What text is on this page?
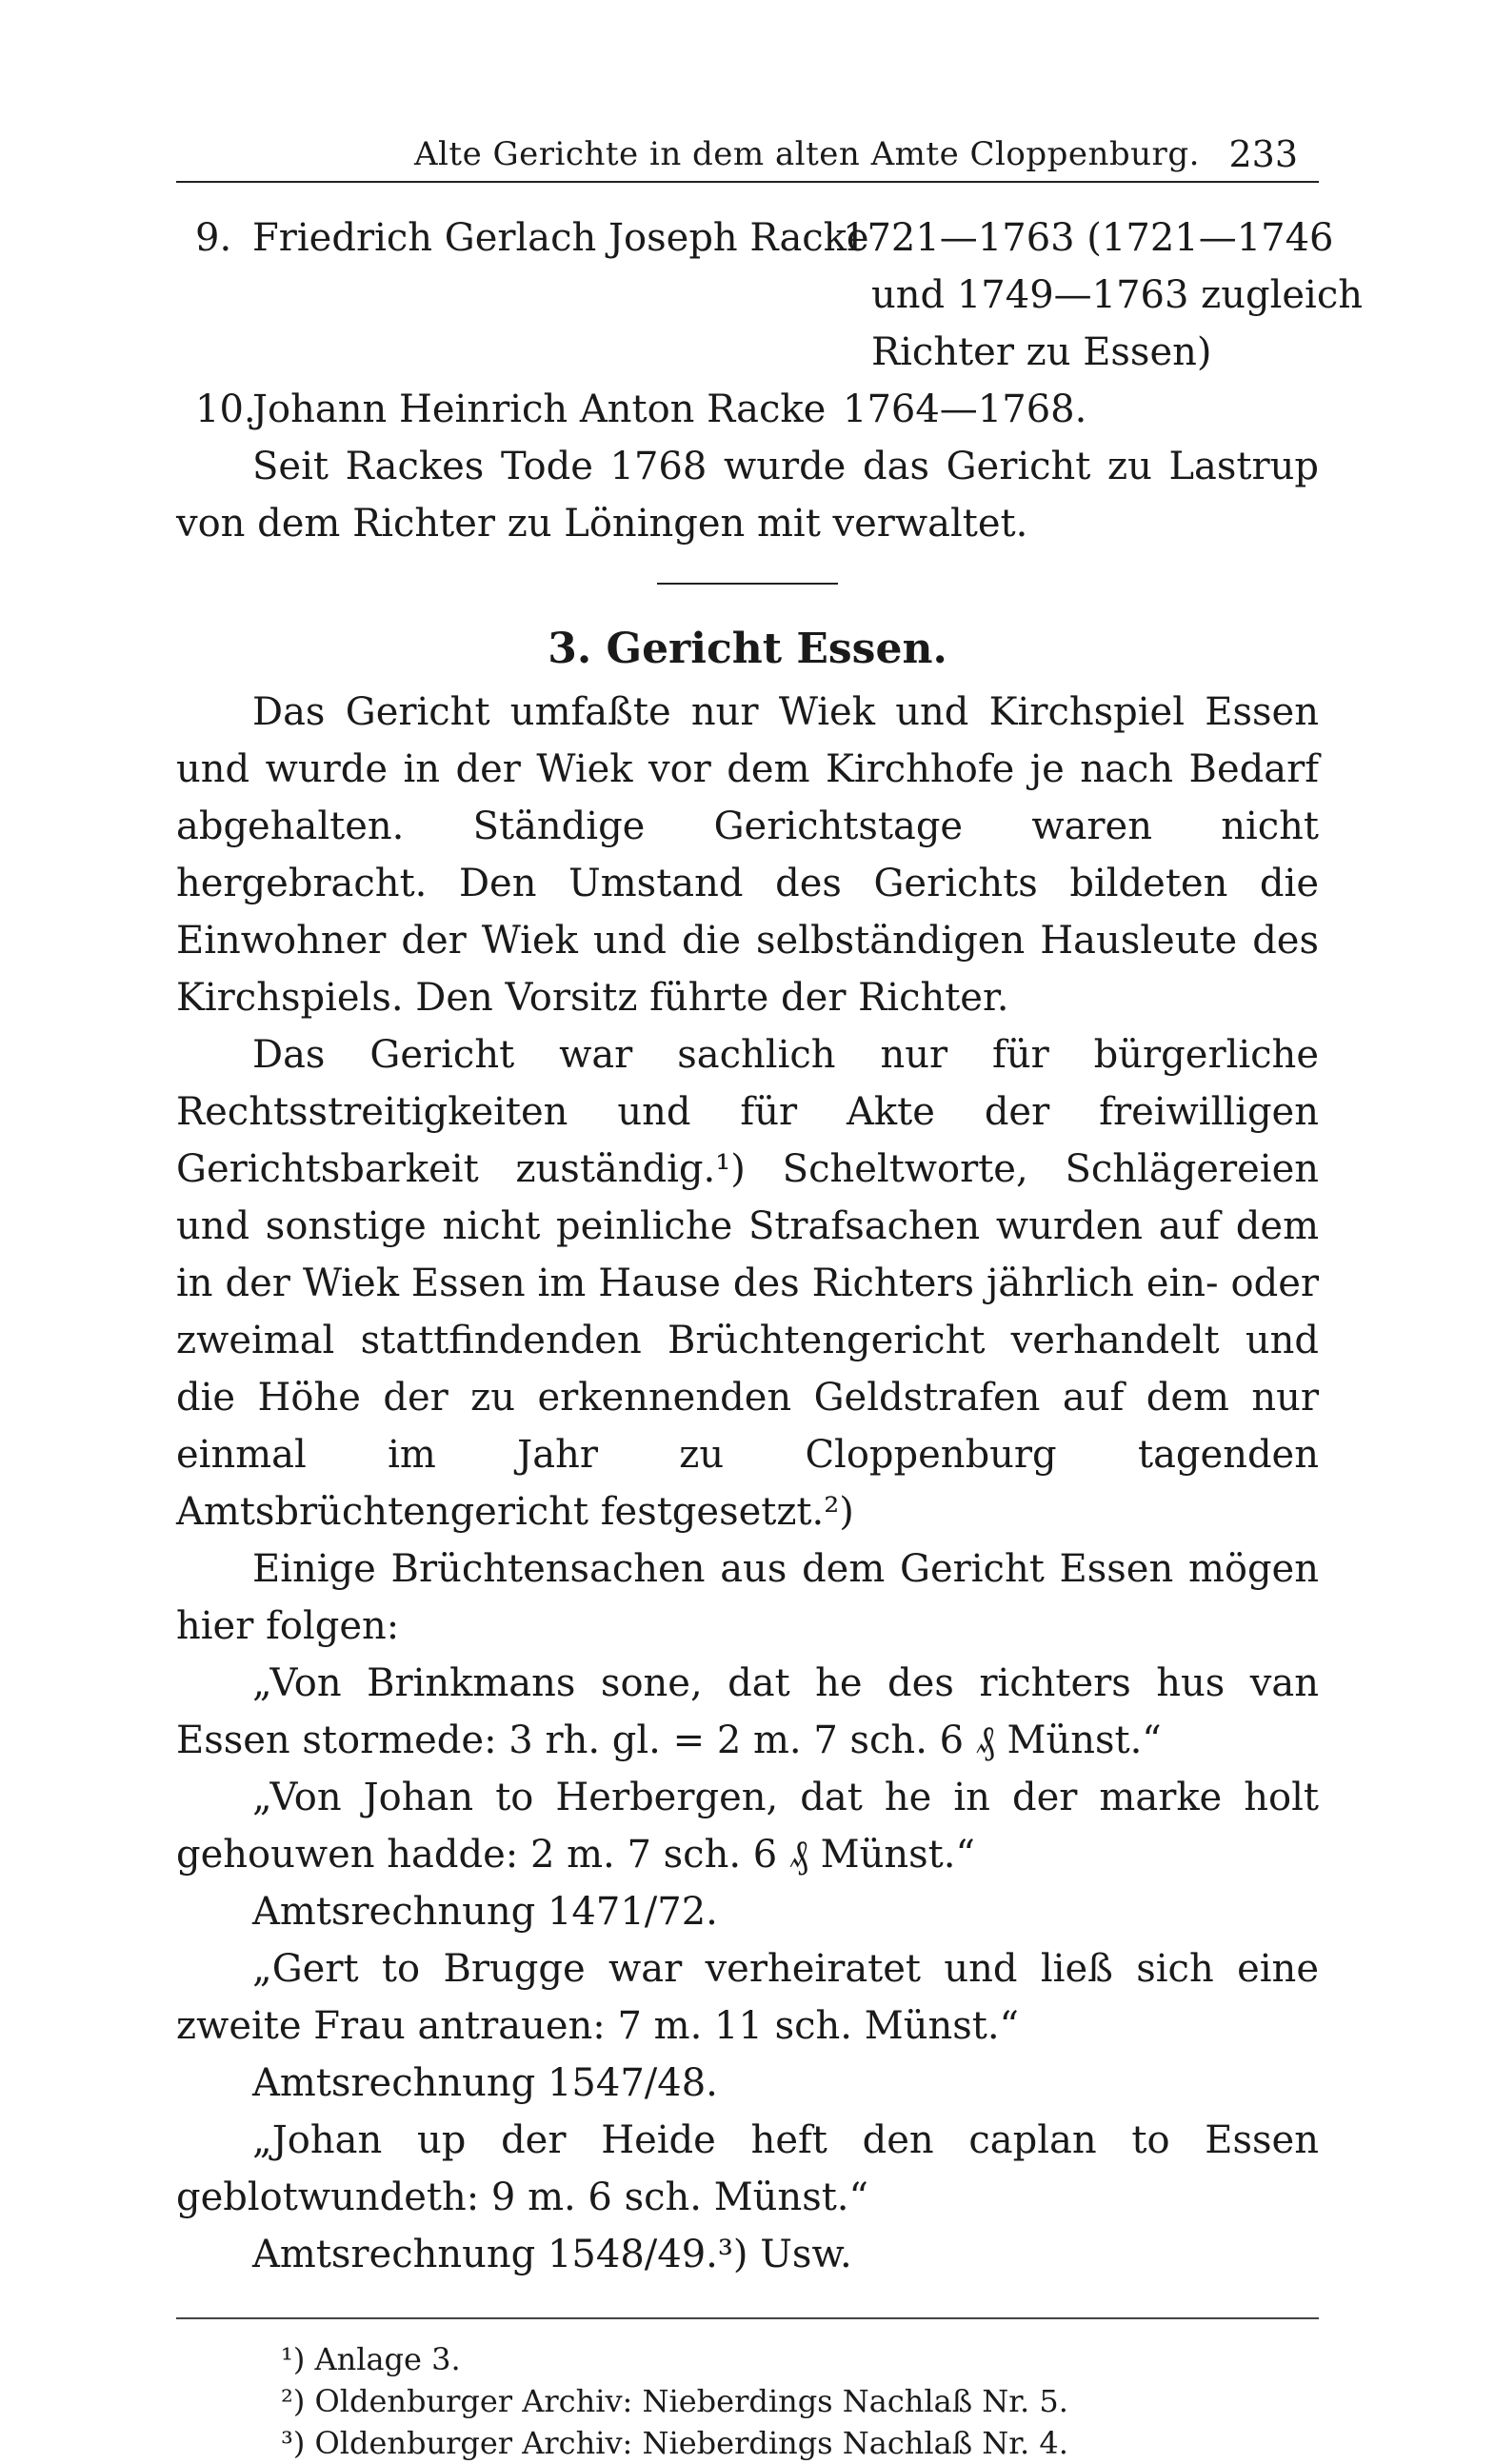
Alte Gerichte in dem alten Amte Cloppenburg. 233
9. Friedrich Gerlach Joseph Racke
1721—1763 (1721—1746
und 1749—1763 zugleich
Richter zu Essen)
10.
Johann Heinrich Anton Racke 1764—1768.

Seit Rackes Tode 1768 wurde das Gericht zu Lastrup von dem Richter zu Löningen mit verwaltet.

3. Gericht Essen.

Das Gericht umfaßte nur Wiek und Kirchspiel Essen und wurde in der Wiek vor dem Kirchhofe je nach Bedarf abgehalten. Ständige Gerichtstage waren nicht hergebracht. Den Umstand des Gerichts bildeten die Einwohner der Wiek und die selbständigen Hausleute des Kirchspiels. Den Vorsitz führte der Richter.

Das Gericht war sachlich nur für bürgerliche Rechtsstreitigkeiten und für Akte der freiwilligen Gerichtsbarkeit zuständig.¹) Scheltworte, Schlägereien und sonstige nicht peinliche Strafsachen wurden auf dem in der Wiek Essen im Hause des Richters jährlich ein- oder zweimal stattfindenden Brüchtengericht verhandelt und die Höhe der zu erkennenden Geldstrafen auf dem nur einmal im Jahr zu Cloppenburg tagenden Amtsbrüchtengericht festgesetzt.²)

Einige Brüchtensachen aus dem Gericht Essen mögen hier folgen:

„Von Brinkmans sone, dat he des richters hus van Essen stormede: 3 rh. gl. = 2 m. 7 sch. 6 ₰ Münst.“

„Von Johan to Herbergen, dat he in der marke holt gehouwen hadde: 2 m. 7 sch. 6 ₰ Münst.“

Amtsrechnung 1471/72.

„Gert to Brugge war verheiratet und ließ sich eine zweite Frau antrauen: 7 m. 11 sch. Münst.“

Amtsrechnung 1547/48.

„Johan up der Heide heft den caplan to Essen geblotwundeth: 9 m. 6 sch. Münst.“

Amtsrechnung 1548/49.³) Usw.

¹) Anlage 3.
²) Oldenburger Archiv: Nieberdings Nachlaß Nr. 5.
³) Oldenburger Archiv: Nieberdings Nachlaß Nr. 4.
